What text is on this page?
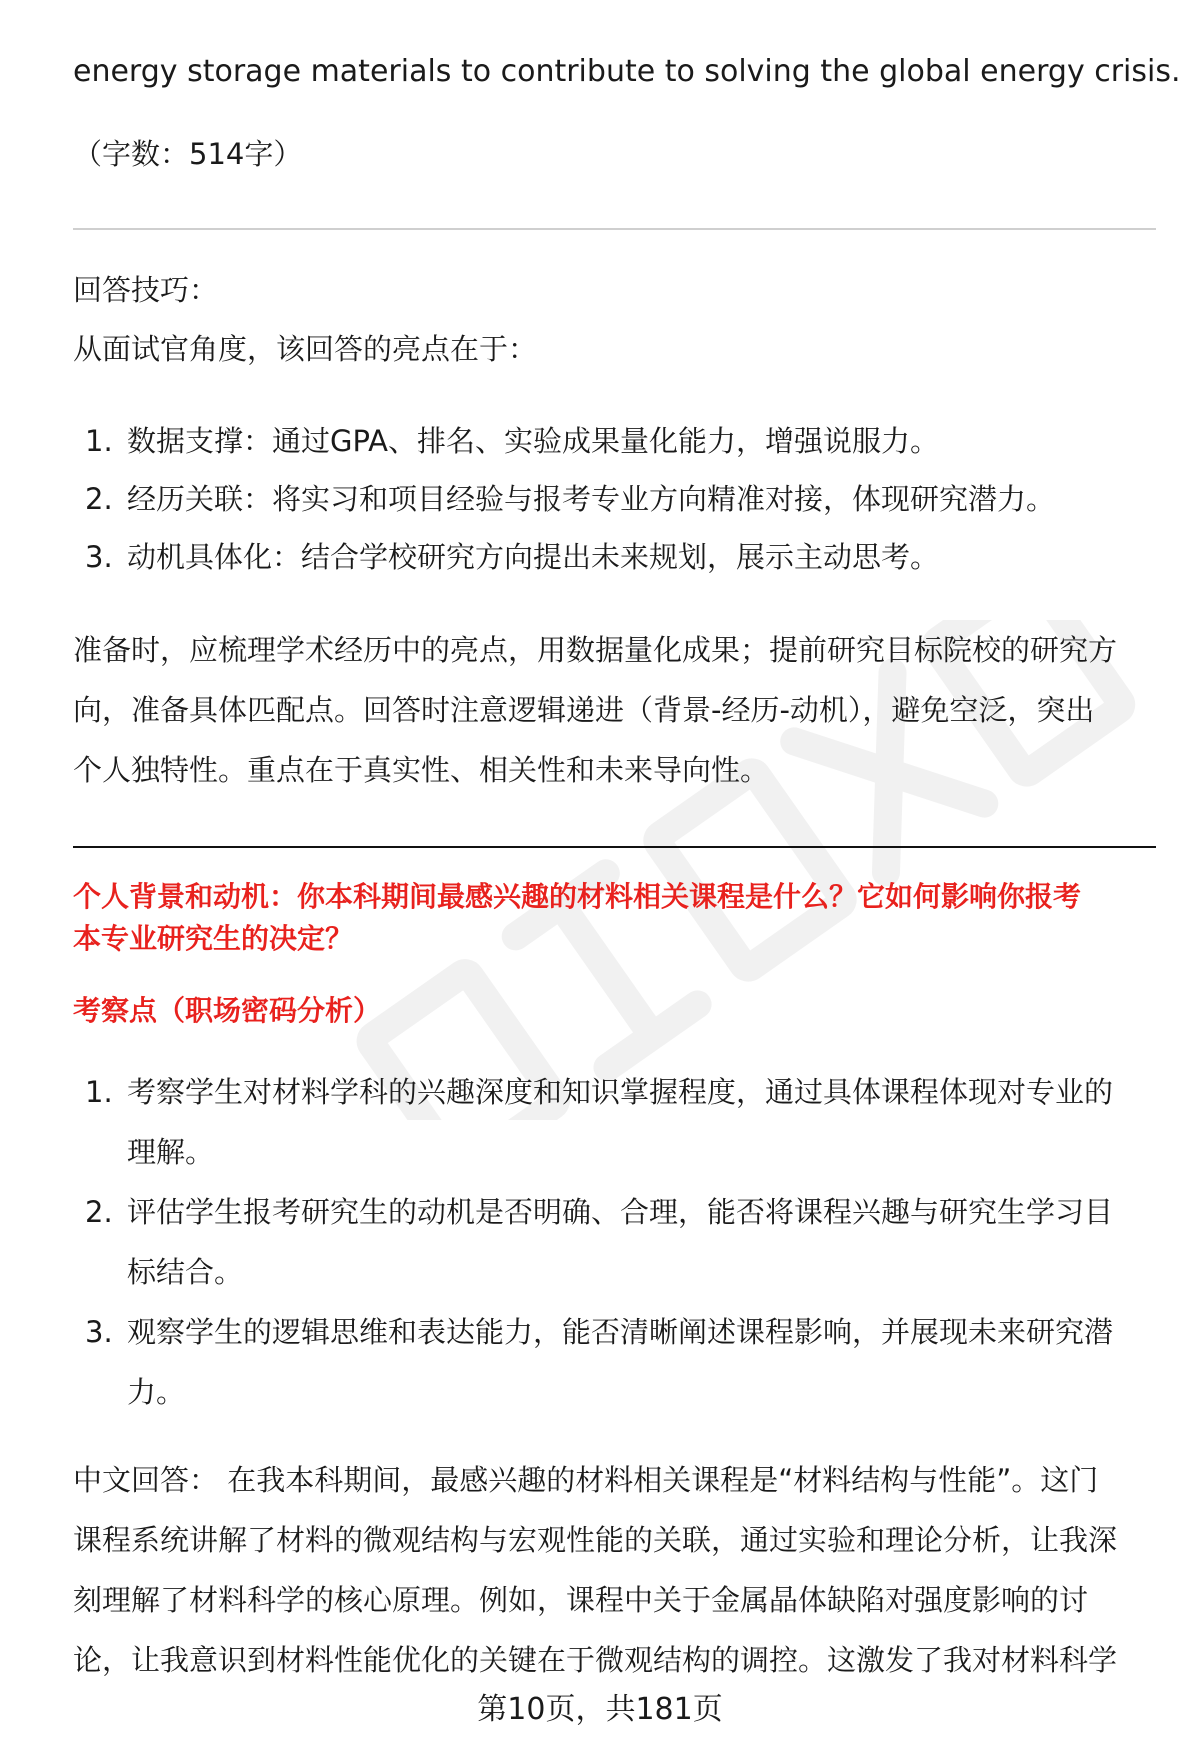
energy storage materials to contribute to solving the global energy crisis.
（字数：514字）
回答技巧：
从面试官角度，该回答的亮点在于：
1. 数据支撑：通过GPA、排名、实验成果量化能力，增强说服力。
2. 经历关联：将实习和项目经验与报考专业方向精准对接，体现研究潜力。
3. 动机具体化：结合学校研究方向提出未来规划，展示主动思考。
准备时，应梳理学术经历中的亮点，用数据量化成果；提前研究目标院校的研究方
向，准备具体匹配点。回答时注意逻辑递进（背景-经历-动机），避免空泛，突出
个人独特性。重点在于真实性、相关性和未来导向性。
个人背景和动机：你本科期间最感兴趣的材料相关课程是什么？它如何影响你报考
本专业研究生的决定？
考察点（职场密码分析）
1. 考察学生对材料学科的兴趣深度和知识掌握程度，通过具体课程体现对专业的
理解。
2. 评估学生报考研究生的动机是否明确、合理，能否将课程兴趣与研究生学习目
标结合。
3. 观察学生的逻辑思维和表达能力，能否清晰阐述课程影响，并展现未来研究潜
力。
中文回答： 在我本科期间，最感兴趣的材料相关课程是“材料结构与性能”。这门
课程系统讲解了材料的微观结构与宏观性能的关联，通过实验和理论分析，让我深
刻理解了材料科学的核心原理。例如，课程中关于金属晶体缺陷对强度影响的讨
论，让我意识到材料性能优化的关键在于微观结构的调控。这激发了我对材料科学
第10页，共181页
